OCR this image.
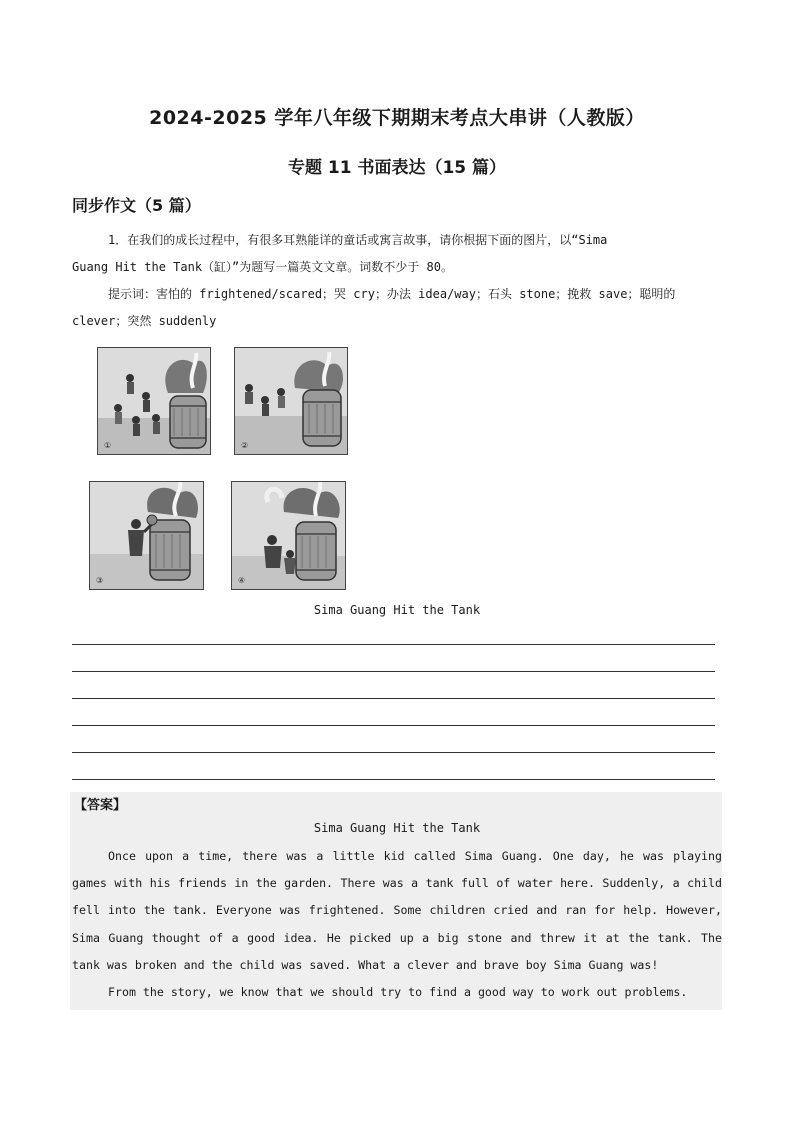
2024-2025 学年八年级下期期末考点大串讲（人教版）
专题 11 书面表达（15 篇）
同步作文（5 篇）
1．在我们的成长过程中，有很多耳熟能详的童话或寓言故事，请你根据下面的图片，以“Sima
Guang Hit the Tank（缸）”为题写一篇英文文章。词数不少于 80。
提示词：害怕的 frightened/scared；哭 cry；办法 idea/way；石头 stone；挽救 save；聪明的
clever；突然 suddenly
①	②
③	④
Sima Guang Hit the Tank
【答案】
Sima Guang Hit the Tank

Once upon a time, there was a little kid called Sima Guang. One day, he was playing games with his friends in the garden. There was a tank full of water here. Suddenly, a child fell into the tank. Everyone was frightened. Some children cried and ran for help. However, Sima Guang thought of a good idea. He picked up a big stone and threw it at the tank. The tank was broken and the child was saved. What a clever and brave boy Sima Guang was!

From the story, we know that we should try to find a good way to work out problems.
